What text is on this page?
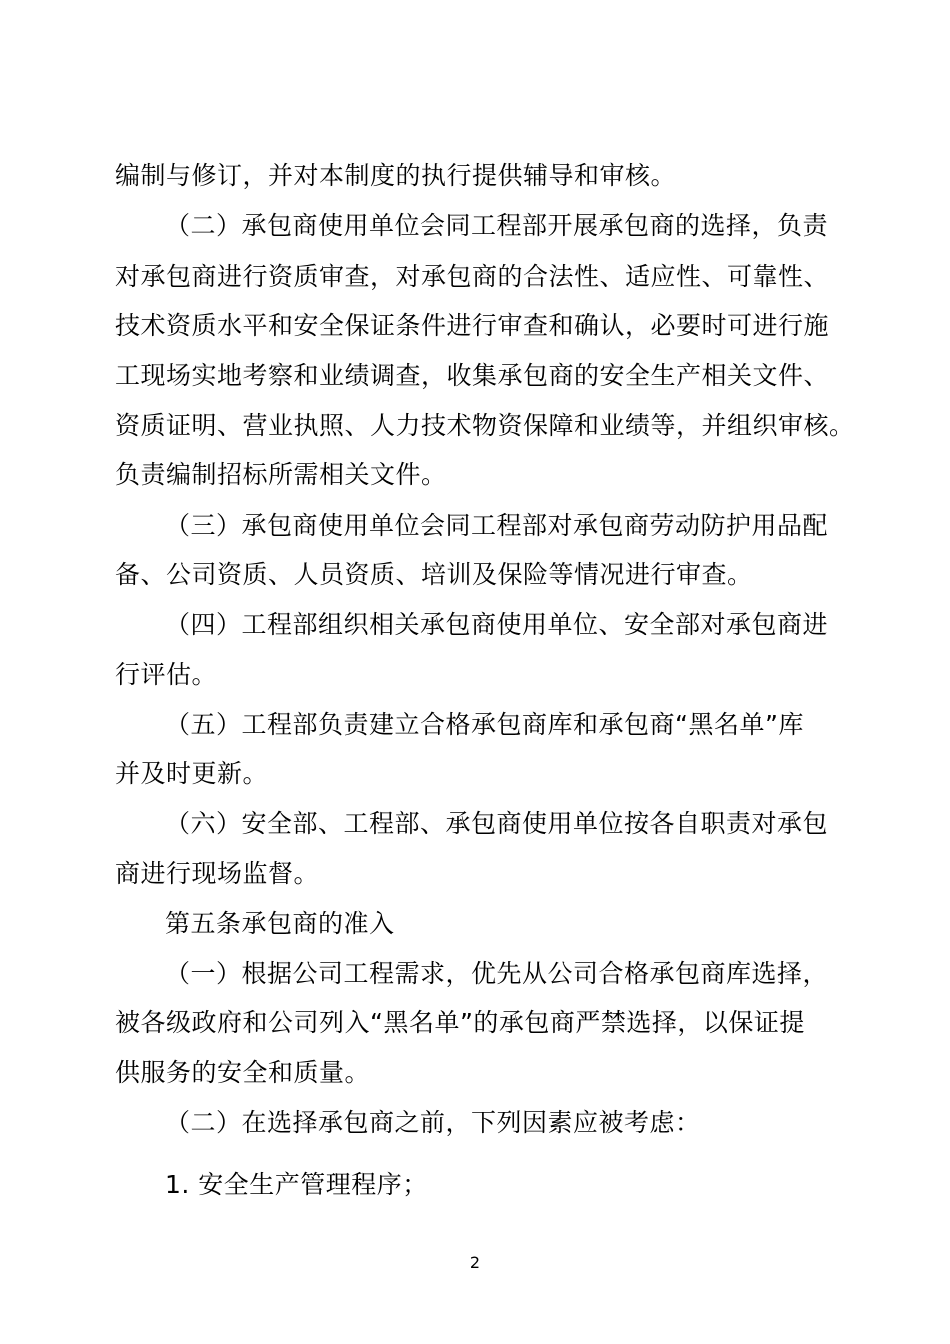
编制与修订，并对本制度的执行提供辅导和审核。
（二）承包商使用单位会同工程部开展承包商的选择，负责
对承包商进行资质审查，对承包商的合法性、适应性、可靠性、
技术资质水平和安全保证条件进行审查和确认，必要时可进行施
工现场实地考察和业绩调查，收集承包商的安全生产相关文件、
资质证明、营业执照、人力技术物资保障和业绩等，并组织审核。
负责编制招标所需相关文件。
（三）承包商使用单位会同工程部对承包商劳动防护用品配
备、公司资质、人员资质、培训及保险等情况进行审查。
（四）工程部组织相关承包商使用单位、安全部对承包商进
行评估。
（五）工程部负责建立合格承包商库和承包商“黑名单”库
并及时更新。
（六）安全部、工程部、承包商使用单位按各自职责对承包
商进行现场监督。
第五条承包商的准入
（一）根据公司工程需求，优先从公司合格承包商库选择，
被各级政府和公司列入“黑名单”的承包商严禁选择，以保证提
供服务的安全和质量。
（二）在选择承包商之前，下列因素应被考虑：
1. 安全生产管理程序；
2
